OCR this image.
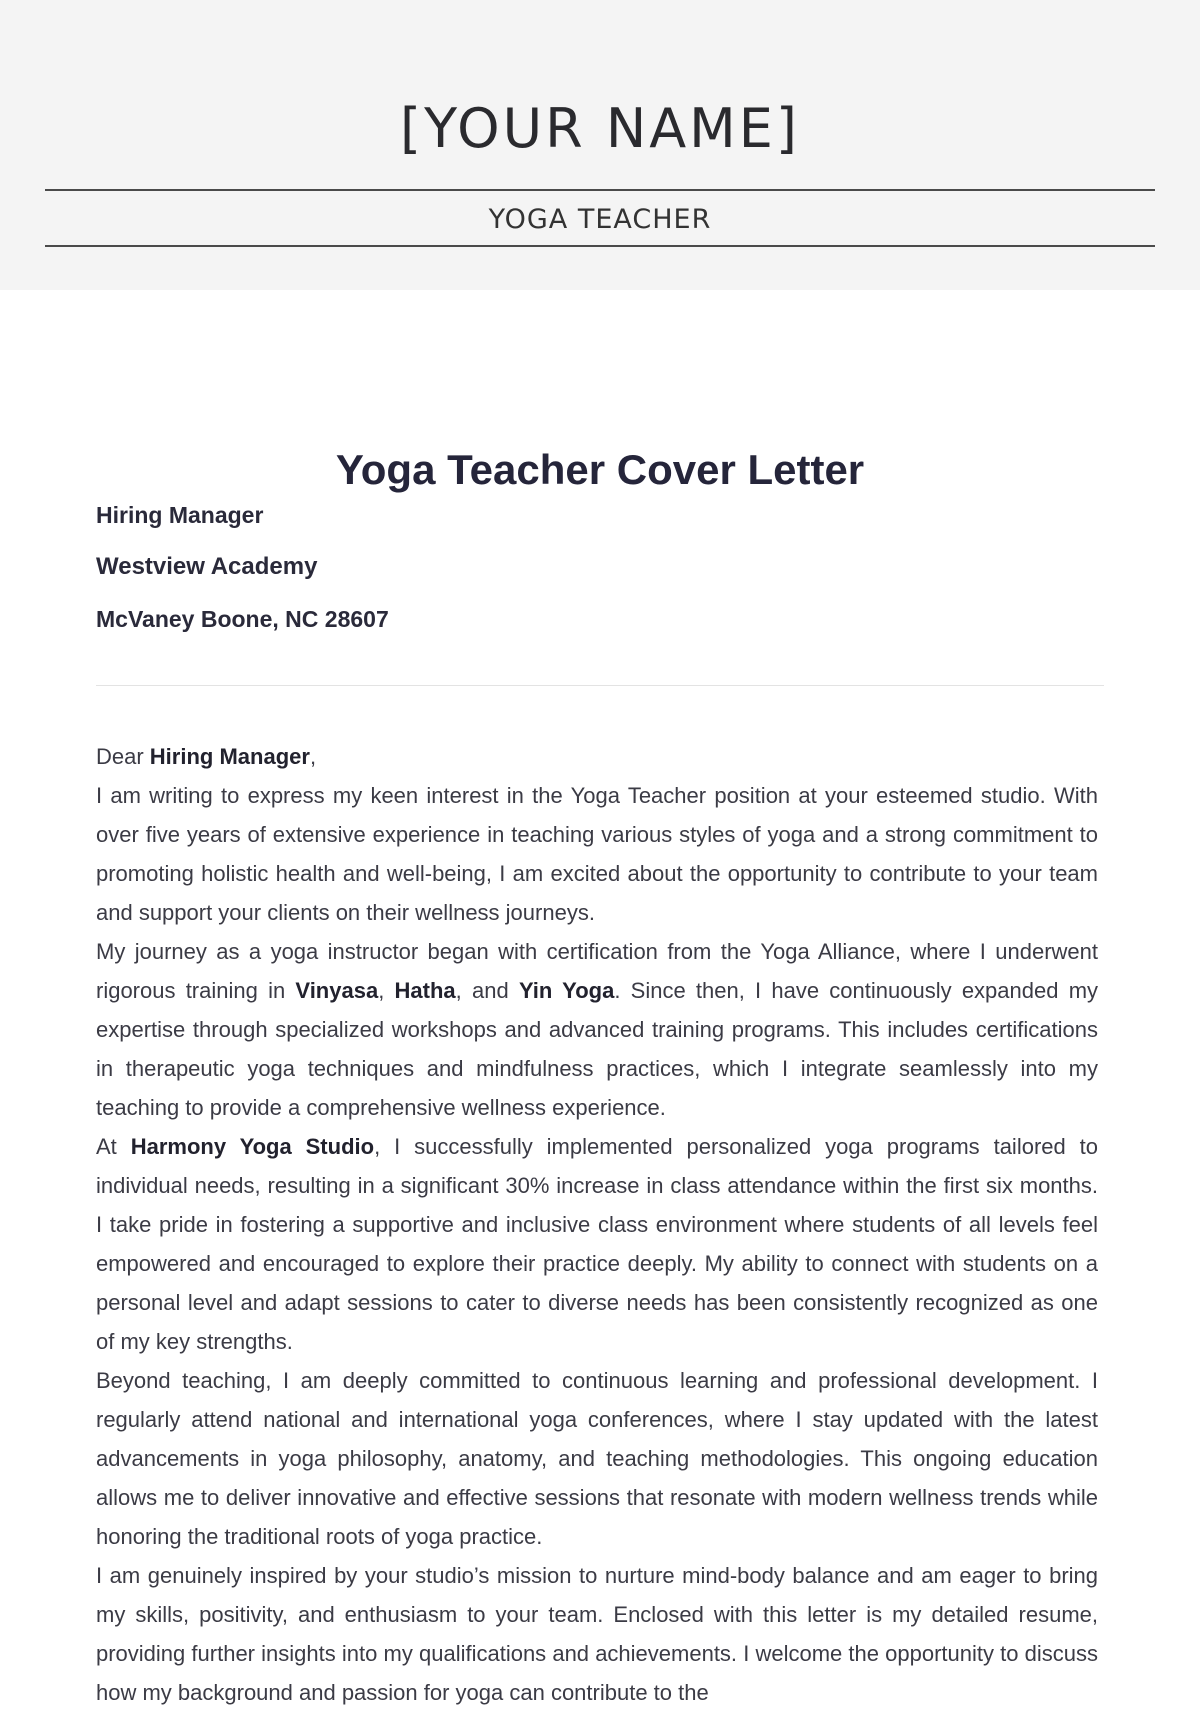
[YOUR NAME]
YOGA TEACHER
Yoga Teacher Cover Letter
Hiring Manager
Westview Academy
McVaney Boone, NC 28607

Dear Hiring Manager,

I am writing to express my keen interest in the Yoga Teacher position at your esteemed studio. With over five years of extensive experience in teaching various styles of yoga and a strong commitment to promoting holistic health and well-being, I am excited about the opportunity to contribute to your team and support your clients on their wellness journeys.

My journey as a yoga instructor began with certification from the Yoga Alliance, where I underwent rigorous training in Vinyasa, Hatha, and Yin Yoga. Since then, I have continuously expanded my expertise through specialized workshops and advanced training programs. This includes certifications in therapeutic yoga techniques and mindfulness practices, which I integrate seamlessly into my teaching to provide a comprehensive wellness experience.

At Harmony Yoga Studio, I successfully implemented personalized yoga programs tailored to individual needs, resulting in a significant 30% increase in class attendance within the first six months. I take pride in fostering a supportive and inclusive class environment where students of all levels feel empowered and encouraged to explore their practice deeply. My ability to connect with students on a personal level and adapt sessions to cater to diverse needs has been consistently recognized as one of my key strengths.

Beyond teaching, I am deeply committed to continuous learning and professional development. I regularly attend national and international yoga conferences, where I stay updated with the latest advancements in yoga philosophy, anatomy, and teaching methodologies. This ongoing education allows me to deliver innovative and effective sessions that resonate with modern wellness trends while honoring the traditional roots of yoga practice.

I am genuinely inspired by your studio’s mission to nurture mind-body balance and am eager to bring my skills, positivity, and enthusiasm to your team. Enclosed with this letter is my detailed resume, providing further insights into my qualifications and achievements. I welcome the opportunity to discuss how my background and passion for yoga can contribute to the
